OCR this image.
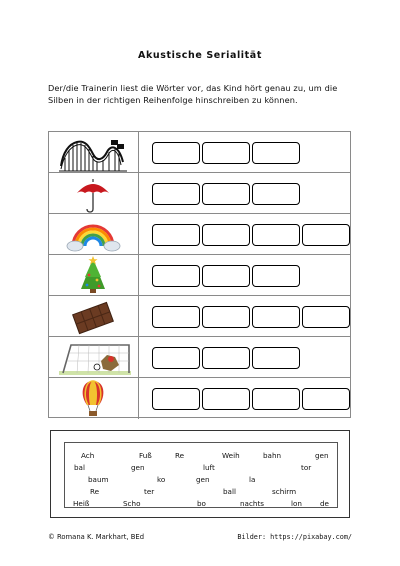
Akustische Serialität
Der/die Trainerin liest die Wörter vor, das Kind hört genau zu, um die Silben in der richtigen Reihenfolge hinschreiben zu können.
Ach	Fuß	Re	Weih	bahn	gen
bal	gen	luft	tor
baum	ko	gen	la
Re	ter	ball	schirm
Heiß	Scho	bo	nachts	lon	de
© Romana K. Markhart, BEd	Bilder: https://pixabay.com/
